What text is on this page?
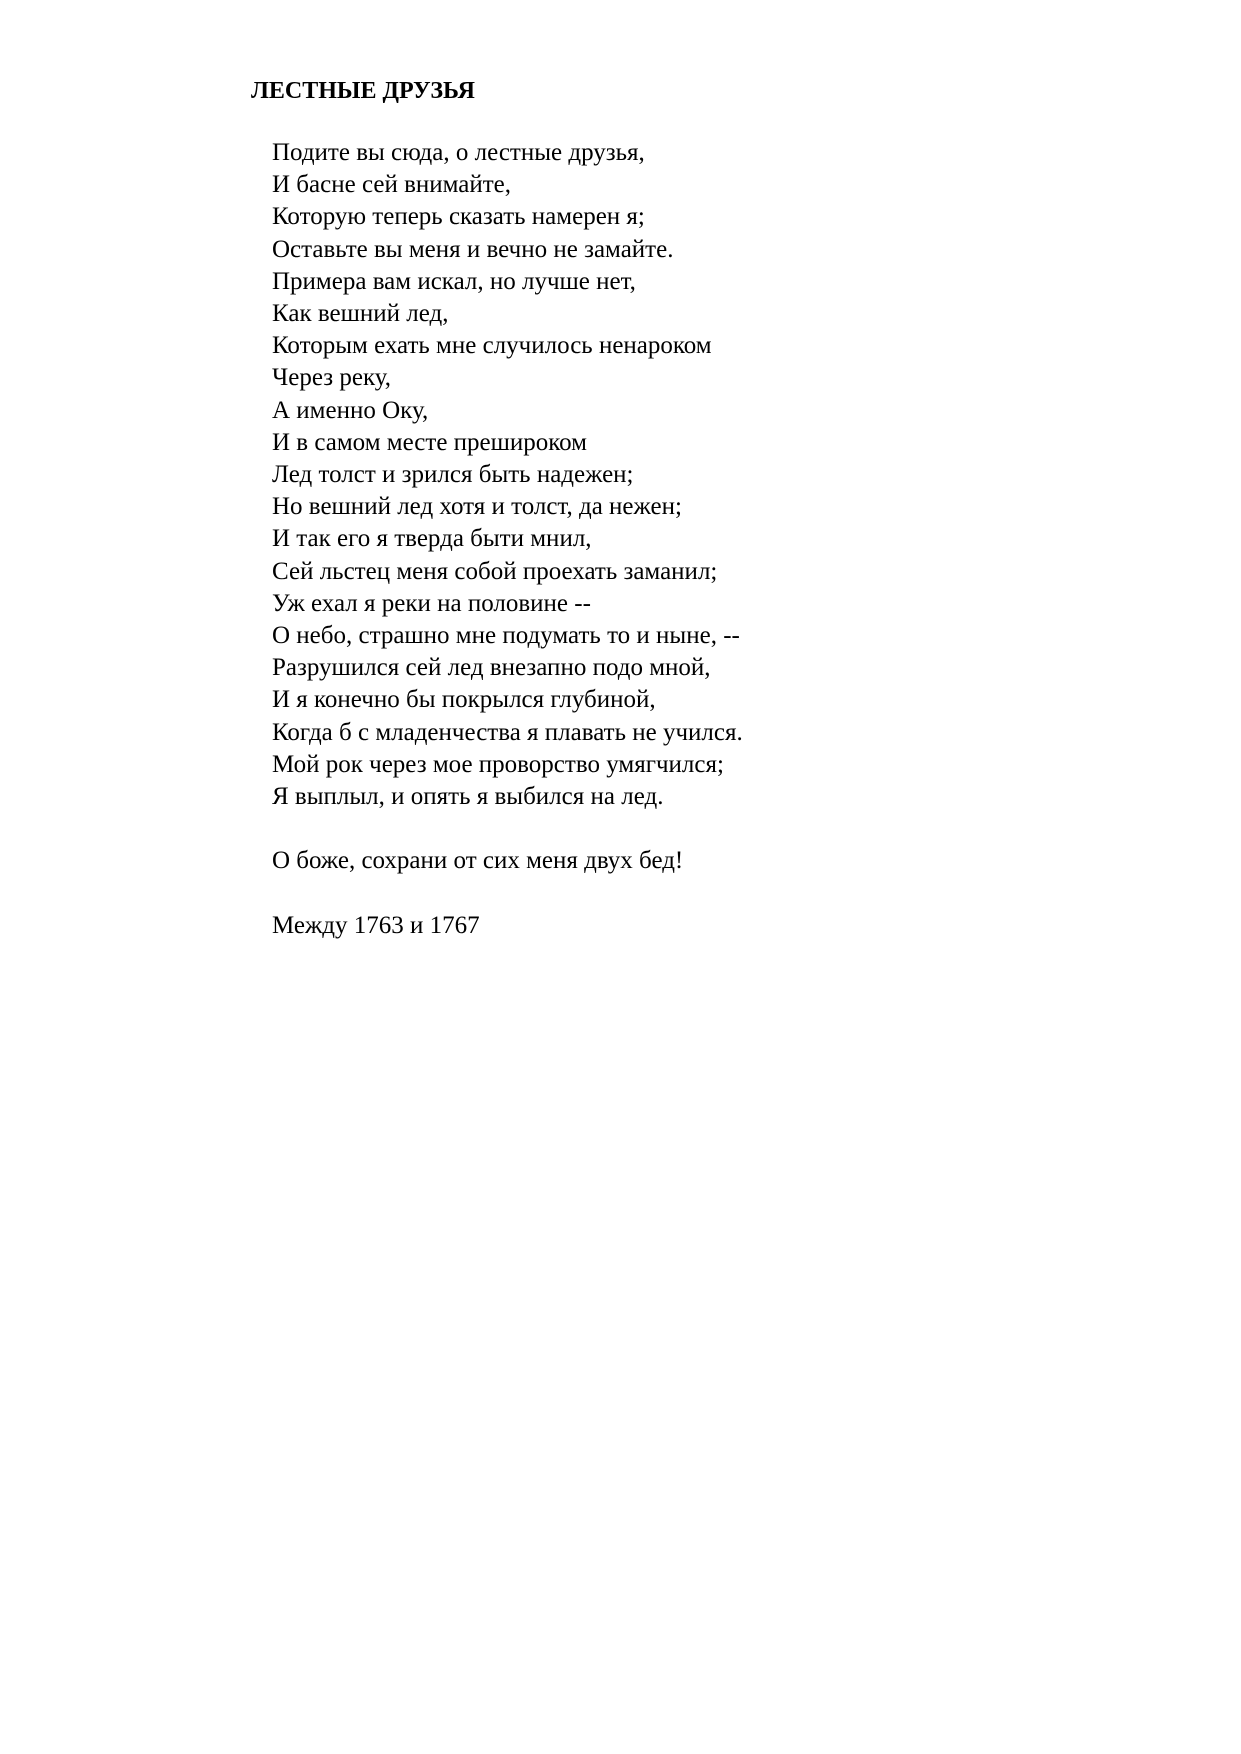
ЛЕСТНЫЕ ДРУЗЬЯ
Подите вы сюда, о лестные друзья,
И басне сей внимайте,
Которую теперь сказать намерен я;
Оставьте вы меня и вечно не замайте.
Примера вам искал, но лучше нет,
Как вешний лед,
Которым ехать мне случилось ненароком
Через реку,
А именно Оку,
И в самом месте прешироком
Лед толст и зрился быть надежен;
Но вешний лед хотя и толст, да нежен;
И так его я тверда быти мнил,
Сей льстец меня собой проехать заманил;
Уж ехал я реки на половине --
О небо, страшно мне подумать то и ныне, --
Разрушился сей лед внезапно подо мной,
И я конечно бы покрылся глубиной,
Когда б с младенчества я плавать не учился.
Мой рок через мое проворство умягчился;
Я выплыл, и опять я выбился на лед.

О боже, сохрани от сих меня двух бед!

Между 1763 и 1767
